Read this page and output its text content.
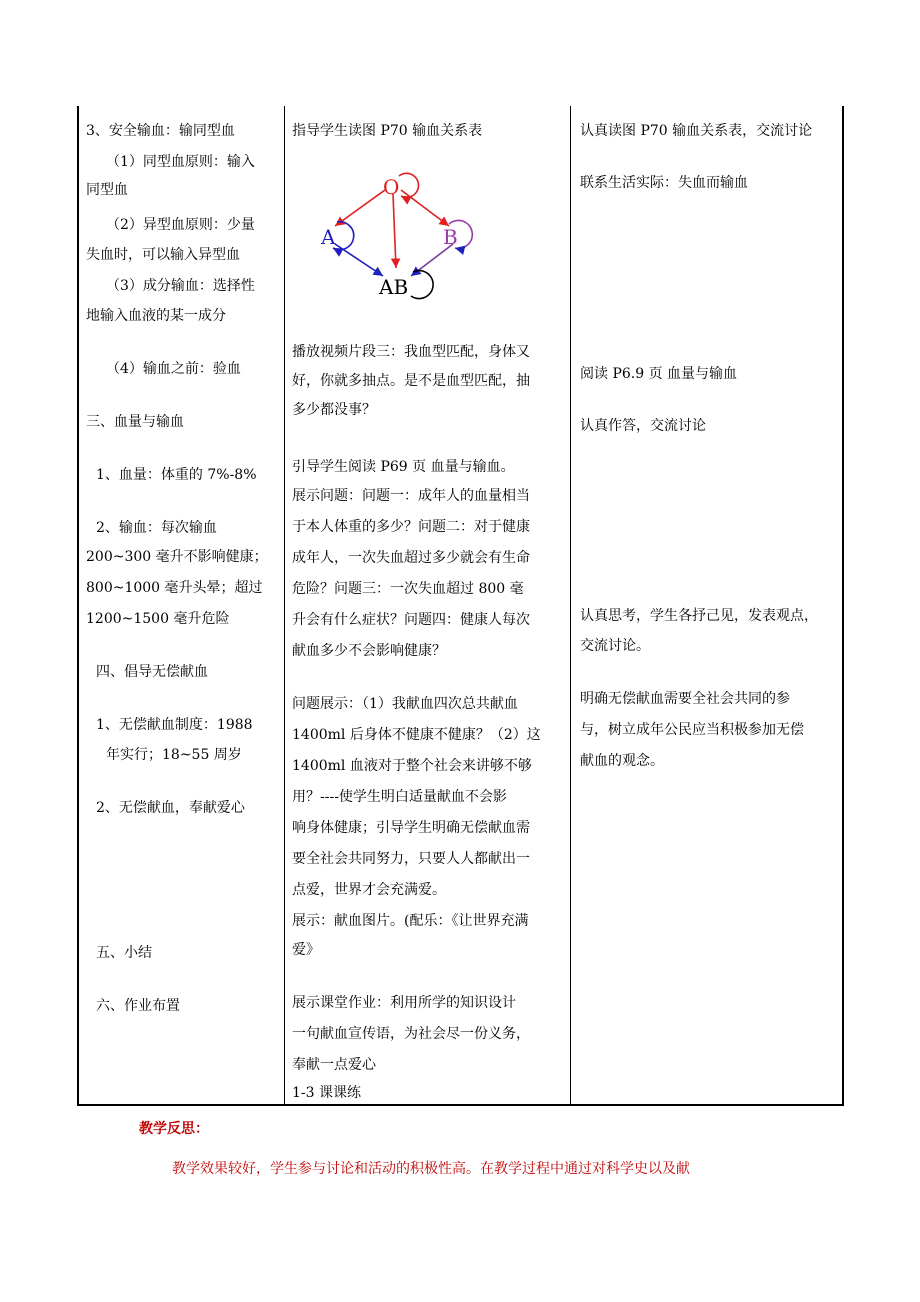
3、安全输血：输同型血
（1）同型血原则：输入
同型血
（2）异型血原则：少量
失血时，可以输入异型血
（3）成分输血：选择性
地输入血液的某一成分
（4）输血之前：验血
三、血量与输血
1、血量：体重的 7%-8%
2、输血：每次输血
200~300 毫升不影响健康；
800~1000 毫升头晕；超过
1200~1500 毫升危险
四、倡导无偿献血
1、无偿献血制度：1988
年实行；18~55 周岁
2、无偿献血，奉献爱心
五、小结
六、作业布置
指导学生读图 P70 输血关系表
O
A	B
AB
播放视频片段三：我血型匹配，身体又
好，你就多抽点。是不是血型匹配，抽
多少都没事？
引导学生阅读 P69 页 血量与输血。
展示问题：问题一：成年人的血量相当
于本人体重的多少？问题二：对于健康
成年人，一次失血超过多少就会有生命
危险？问题三：一次失血超过 800 毫
升会有什么症状？问题四：健康人每次
献血多少不会影响健康？
问题展示：（1）我献血四次总共献血
1400ml 后身体不健康不健康？（2）这
1400ml 血液对于整个社会来讲够不够
用？----使学生明白适量献血不会影
响身体健康；引导学生明确无偿献血需
要全社会共同努力，只要人人都献出一
点爱，世界才会充满爱。
展示：献血图片。(配乐：《让世界充满
爱》
展示课堂作业：利用所学的知识设计
一句献血宣传语，为社会尽一份义务，
奉献一点爱心
1-3 课课练
认真读图 P70 输血关系表，交流讨论
联系生活实际：失血而输血
阅读 P6.9 页 血量与输血
认真作答，交流讨论
认真思考，学生各抒己见，发表观点，
交流讨论。
明确无偿献血需要全社会共同的参
与，树立成年公民应当积极参加无偿
献血的观念。
教学反思：
教学效果较好，学生参与讨论和活动的积极性高。在教学过程中通过对科学史以及献
